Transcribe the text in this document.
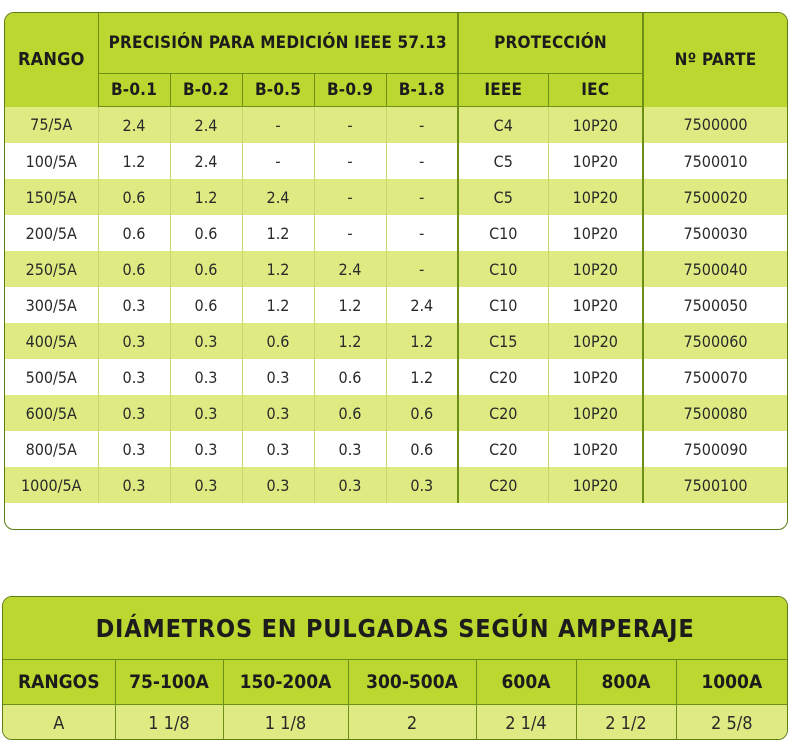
RANGO	PRECISIÓN PARA MEDICIÓN IEEE 57.13					PROTECCIÓN		Nº PARTE
	B-0.1	B-0.2	B-0.5	B-0.9	B-1.8	IEEE	IEC	
75/5A	2.4	2.4	-	-	-	C4	10P20	7500000
100/5A	1.2	2.4	-	-	-	C5	10P20	7500010
150/5A	0.6	1.2	2.4	-	-	C5	10P20	7500020
200/5A	0.6	0.6	1.2	-	-	C10	10P20	7500030
250/5A	0.6	0.6	1.2	2.4	-	C10	10P20	7500040
300/5A	0.3	0.6	1.2	1.2	2.4	C10	10P20	7500050
400/5A	0.3	0.3	0.6	1.2	1.2	C15	10P20	7500060
500/5A	0.3	0.3	0.3	0.6	1.2	C20	10P20	7500070
600/5A	0.3	0.3	0.3	0.6	0.6	C20	10P20	7500080
800/5A	0.3	0.3	0.3	0.3	0.6	C20	10P20	7500090
1000/5A	0.3	0.3	0.3	0.3	0.3	C20	10P20	7500100
DIÁMETROS EN PULGADAS SEGÚN AMPERAJE						
RANGOS	75-100A	150-200A	300-500A	600A	800A	1000A
A	1 1/8	1 1/8	2	2 1/4	2 1/2	2 5/8
